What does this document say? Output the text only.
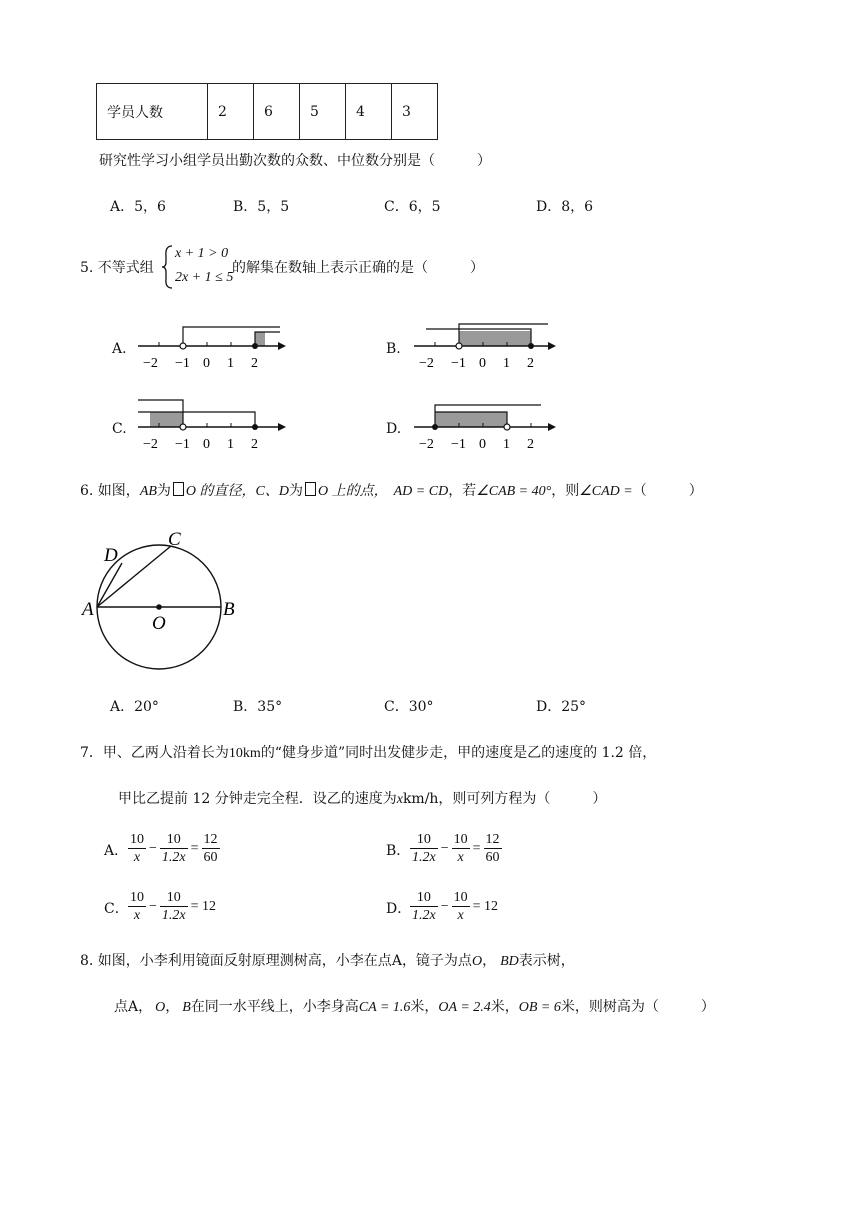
学员人数	2	6	5	4	3
研究性学习小组学员出勤次数的众数、中位数分别是（　　　）
A．5，6	B．5，5	C．6，5	D．8，6
5. 不等式组
x + 1 > 0
2x + 1 ≤ 5
的解集在数轴上表示正确的是（　　　）
A.
−2 −1 0 1 2
B.
−2 −1 0 1 2
C.
−2 −1 0 1 2
D.
−2 −1 0 1 2
6. 如图，AB为 O 的直径，C、D为 O 上的点， AD = CD，若∠CAB = 40°，则∠CAD =（　　　）
A	B
C
D
O
A．20°	B．35°	C．30°	D．25°
7．甲、乙两人沿着长为10km的“健身步道”同时出发健步走，甲的速度是乙的速度的 1.2 倍，
甲比乙提前 12 分钟走完全程．设乙的速度为xkm/h，则可列方程为（　　　）
A． $\frac{10}{x} - \frac{10}{1.2x} = \frac{12}{60}$	B． $\frac{10}{1.2x} - \frac{10}{x} = \frac{12}{60}$
C． $\frac{10}{x} - \frac{10}{1.2x} = 12$	D．
$\frac{10}{1.2x} - \frac{10}{x} = 12$
8. 如图，小李利用镜面反射原理测树高，小李在点A，镜子为点O， BD表示树，
点A， O， B在同一水平线上，小李身高CA = 1.6米，OA = 2.4米，OB = 6米，则树高为（　　　）
